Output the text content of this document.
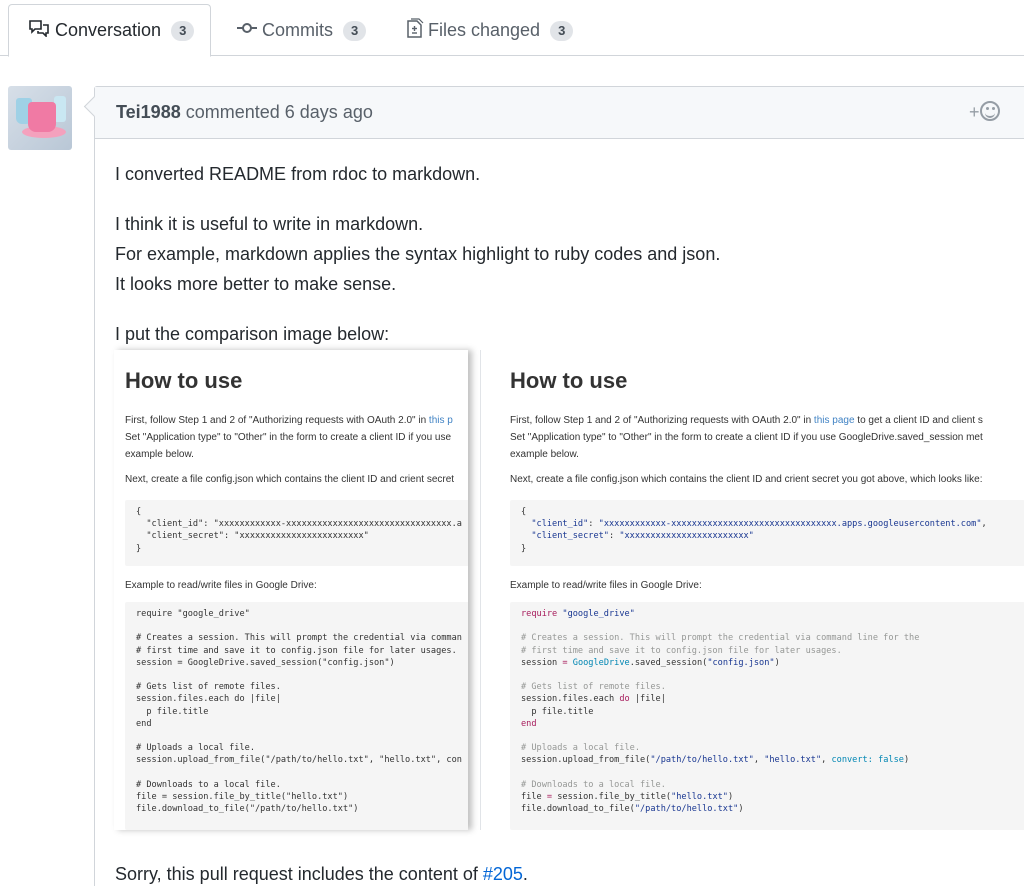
Conversation	3	Commits	3	Files changed	3
Tei1988 commented 6 days ago	+
I converted README from rdoc to markdown.
I think it is useful to write in markdown.
For example, markdown applies the syntax highlight to ruby codes and json.
It looks more better to make sense.
I put the comparison image below:
How to use

First, follow Step 1 and 2 of "Authorizing requests with OAuth 2.0" in this p

Set "Application type" to "Other" in the form to create a client ID if you use

example below.

Next, create a file config.json which contains the client ID and crient secret

{
"client_id": "xxxxxxxxxxxx-xxxxxxxxxxxxxxxxxxxxxxxxxxxxxxxx.a
"client_secret": "xxxxxxxxxxxxxxxxxxxxxxxx"
}

Example to read/write files in Google Drive:

require "google_drive"

# Creates a session. This will prompt the credential via comman
# first time and save it to config.json file for later usages.
session = GoogleDrive.saved_session("config.json")

# Gets list of remote files.
session.files.each do |file|
p file.title
end

# Uploads a local file.
session.upload_from_file("/path/to/hello.txt", "hello.txt", con

# Downloads to a local file.
file = session.file_by_title("hello.txt")
file.download_to_file("/path/to/hello.txt")
How to use

First, follow Step 1 and 2 of "Authorizing requests with OAuth 2.0" in this page to get a client ID and client s

Set "Application type" to "Other" in the form to create a client ID if you use GoogleDrive.saved_session met

example below.

Next, create a file config.json which contains the client ID and crient secret you got above, which looks like:

{
"client_id": "xxxxxxxxxxxx-xxxxxxxxxxxxxxxxxxxxxxxxxxxxxxxx.apps.googleusercontent.com",
"client_secret": "xxxxxxxxxxxxxxxxxxxxxxxx"
}

Example to read/write files in Google Drive:

require "google_drive"

# Creates a session. This will prompt the credential via command line for the
# first time and save it to config.json file for later usages.
session = GoogleDrive.saved_session("config.json")

# Gets list of remote files.
session.files.each do |file|
p file.title
end

# Uploads a local file.
session.upload_from_file("/path/to/hello.txt", "hello.txt", convert: false)

# Downloads to a local file.
file = session.file_by_title("hello.txt")
file.download_to_file("/path/to/hello.txt")
Sorry, this pull request includes the content of #205.
